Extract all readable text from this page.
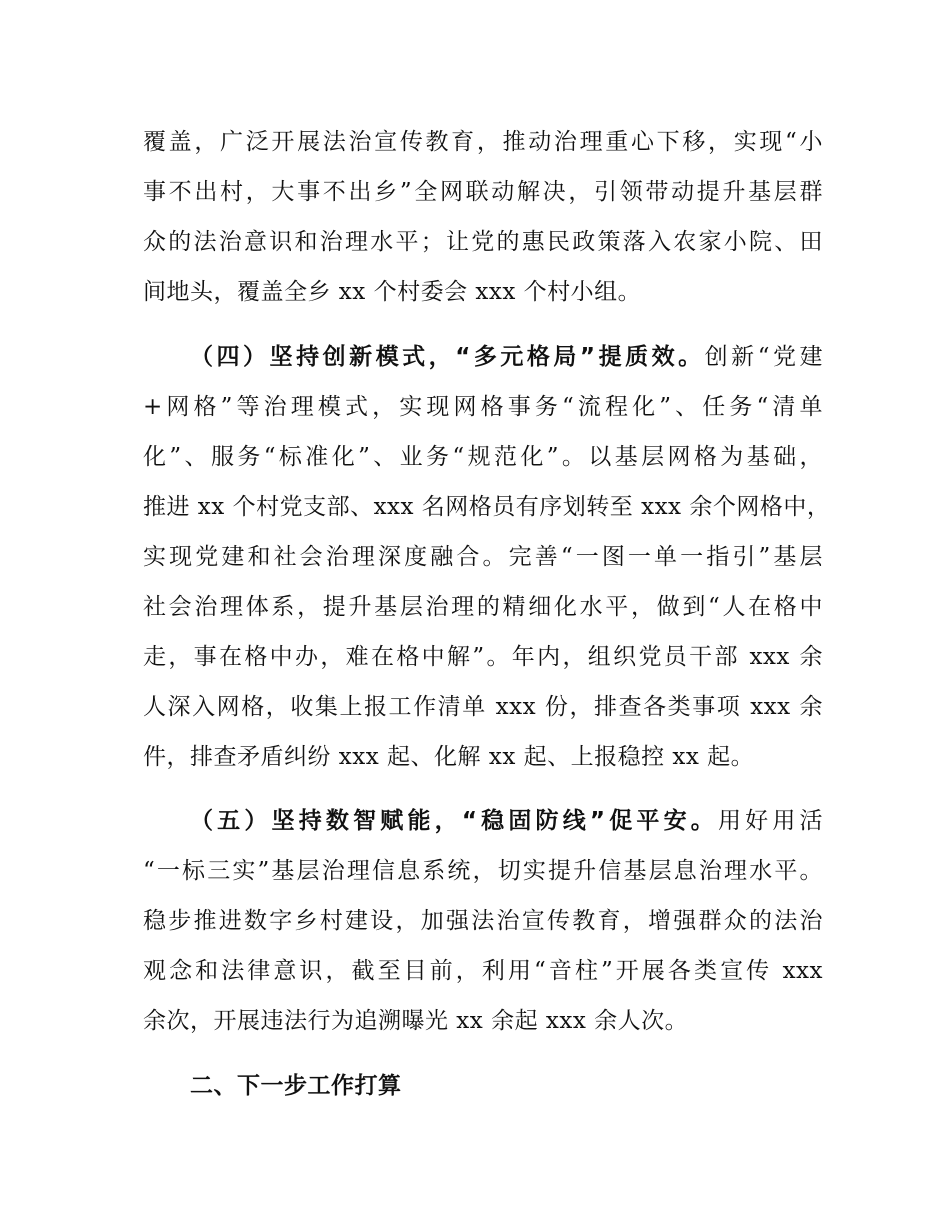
覆盖，广泛开展法治宣传教育，推动治理重心下移，实现“小
事不出村，大事不出乡”全网联动解决，引领带动提升基层群
众的法治意识和治理水平；让党的惠民政策落入农家小院、田
间地头，覆盖全乡 xx 个村委会 xxx 个村小组。
（四）坚持创新模式，“多元格局”提质效。创新“党建
+网格”等治理模式，实现网格事务“流程化”、任务“清单
化”、服务“标准化”、业务“规范化”。以基层网格为基础，
推进 xx 个村党支部、xxx 名网格员有序划转至 xxx 余个网格中，
实现党建和社会治理深度融合。完善“一图一单一指引”基层
社会治理体系，提升基层治理的精细化水平，做到“人在格中
走，事在格中办，难在格中解”。年内，组织党员干部 xxx 余
人深入网格，收集上报工作清单 xxx 份，排查各类事项 xxx 余
件，排查矛盾纠纷 xxx 起、化解 xx 起、上报稳控 xx 起。
（五）坚持数智赋能，“稳固防线”促平安。用好用活
“一标三实”基层治理信息系统，切实提升信基层息治理水平。
稳步推进数字乡村建设，加强法治宣传教育，增强群众的法治
观念和法律意识，截至目前，利用“音柱”开展各类宣传 xxx
余次，开展违法行为追溯曝光 xx 余起 xxx 余人次。
二、下一步工作打算
